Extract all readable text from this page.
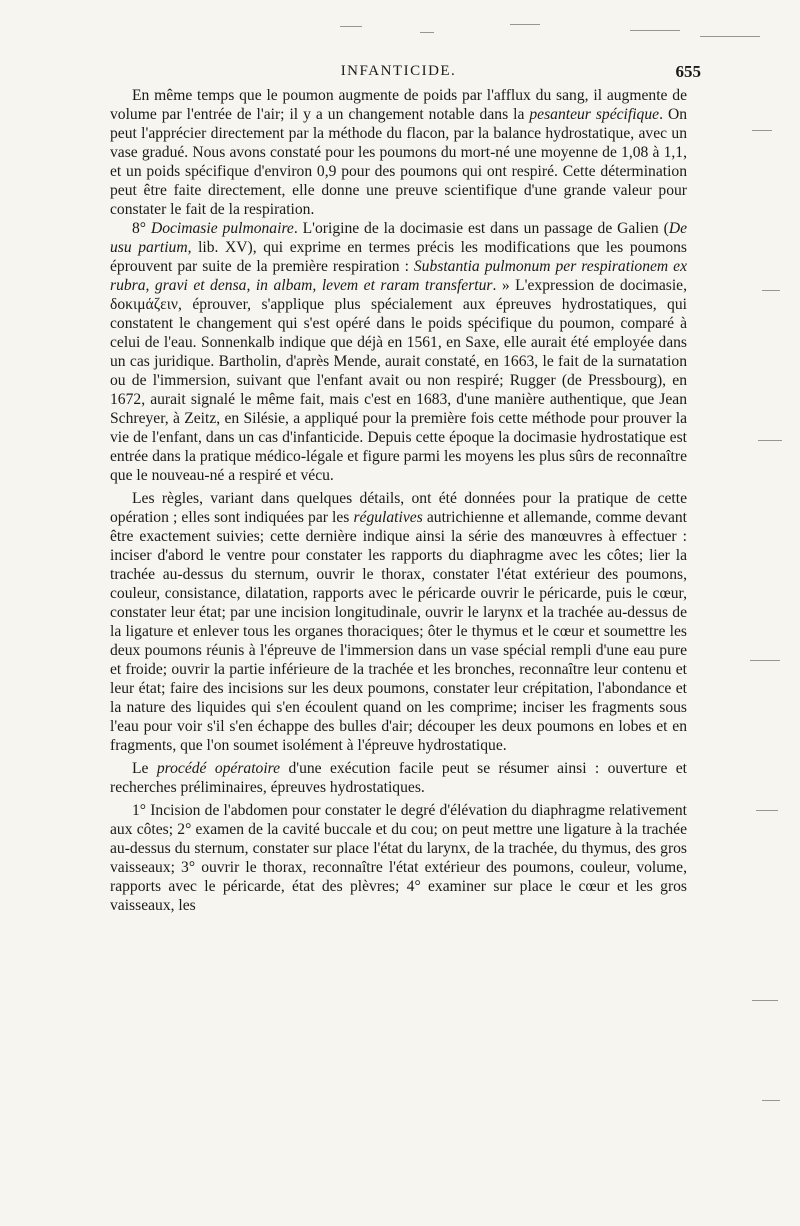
INFANTICIDE.	655

En même temps que le poumon augmente de poids par l'afflux du sang, il augmente de volume par l'entrée de l'air; il y a un changement notable dans la pesanteur spécifique. On peut l'apprécier directement par la méthode du flacon, par la balance hydrostatique, avec un vase gradué. Nous avons constaté pour les poumons du mort-né une moyenne de 1,08 à 1,1, et un poids spécifique d'environ 0,9 pour des poumons qui ont respiré. Cette détermination peut être faite directement, elle donne une preuve scientifique d'une grande valeur pour constater le fait de la respiration.

8° Docimasie pulmonaire. L'origine de la docimasie est dans un passage de Galien (De usu partium, lib. XV), qui exprime en termes précis les modifications que les poumons éprouvent par suite de la première respiration : Substantia pulmonum per respirationem ex rubra, gravi et densa, in albam, levem et raram transfertur. » L'expression de docimasie, δοκιμάζειν, éprouver, s'applique plus spécialement aux épreuves hydrostatiques, qui constatent le changement qui s'est opéré dans le poids spécifique du poumon, comparé à celui de l'eau. Sonnenkalb indique que déjà en 1561, en Saxe, elle aurait été employée dans un cas juridique. Bartholin, d'après Mende, aurait constaté, en 1663, le fait de la surnatation ou de l'immersion, suivant que l'enfant avait ou non respiré; Rugger (de Pressbourg), en 1672, aurait signalé le même fait, mais c'est en 1683, d'une manière authentique, que Jean Schreyer, à Zeitz, en Silésie, a appliqué pour la première fois cette méthode pour prouver la vie de l'enfant, dans un cas d'infanticide. Depuis cette époque la docimasie hydrostatique est entrée dans la pratique médico-légale et figure parmi les moyens les plus sûrs de reconnaître que le nouveau-né a respiré et vécu.

Les règles, variant dans quelques détails, ont été données pour la pratique de cette opération ; elles sont indiquées par les régulatives autrichienne et allemande, comme devant être exactement suivies; cette dernière indique ainsi la série des manœuvres à effectuer : inciser d'abord le ventre pour constater les rapports du diaphragme avec les côtes; lier la trachée au-dessus du sternum, ouvrir le thorax, constater l'état extérieur des poumons, couleur, consistance, dilatation, rapports avec le péricarde ouvrir le péricarde, puis le cœur, constater leur état; par une incision longitudinale, ouvrir le larynx et la trachée au-dessus de la ligature et enlever tous les organes thoraciques; ôter le thymus et le cœur et soumettre les deux poumons réunis à l'épreuve de l'immersion dans un vase spécial rempli d'une eau pure et froide; ouvrir la partie inférieure de la trachée et les bronches, reconnaître leur contenu et leur état; faire des incisions sur les deux poumons, constater leur crépitation, l'abondance et la nature des liquides qui s'en écoulent quand on les comprime; inciser les fragments sous l'eau pour voir s'il s'en échappe des bulles d'air; découper les deux poumons en lobes et en fragments, que l'on soumet isolément à l'épreuve hydrostatique.

Le procédé opératoire d'une exécution facile peut se résumer ainsi : ouverture et recherches préliminaires, épreuves hydrostatiques.

1° Incision de l'abdomen pour constater le degré d'élévation du diaphragme relativement aux côtes; 2° examen de la cavité buccale et du cou; on peut mettre une ligature à la trachée au-dessus du sternum, constater sur place l'état du larynx, de la trachée, du thymus, des gros vaisseaux; 3° ouvrir le thorax, reconnaître l'état extérieur des poumons, couleur, volume, rapports avec le péricarde, état des plèvres; 4° examiner sur place le cœur et les gros vaisseaux, les
